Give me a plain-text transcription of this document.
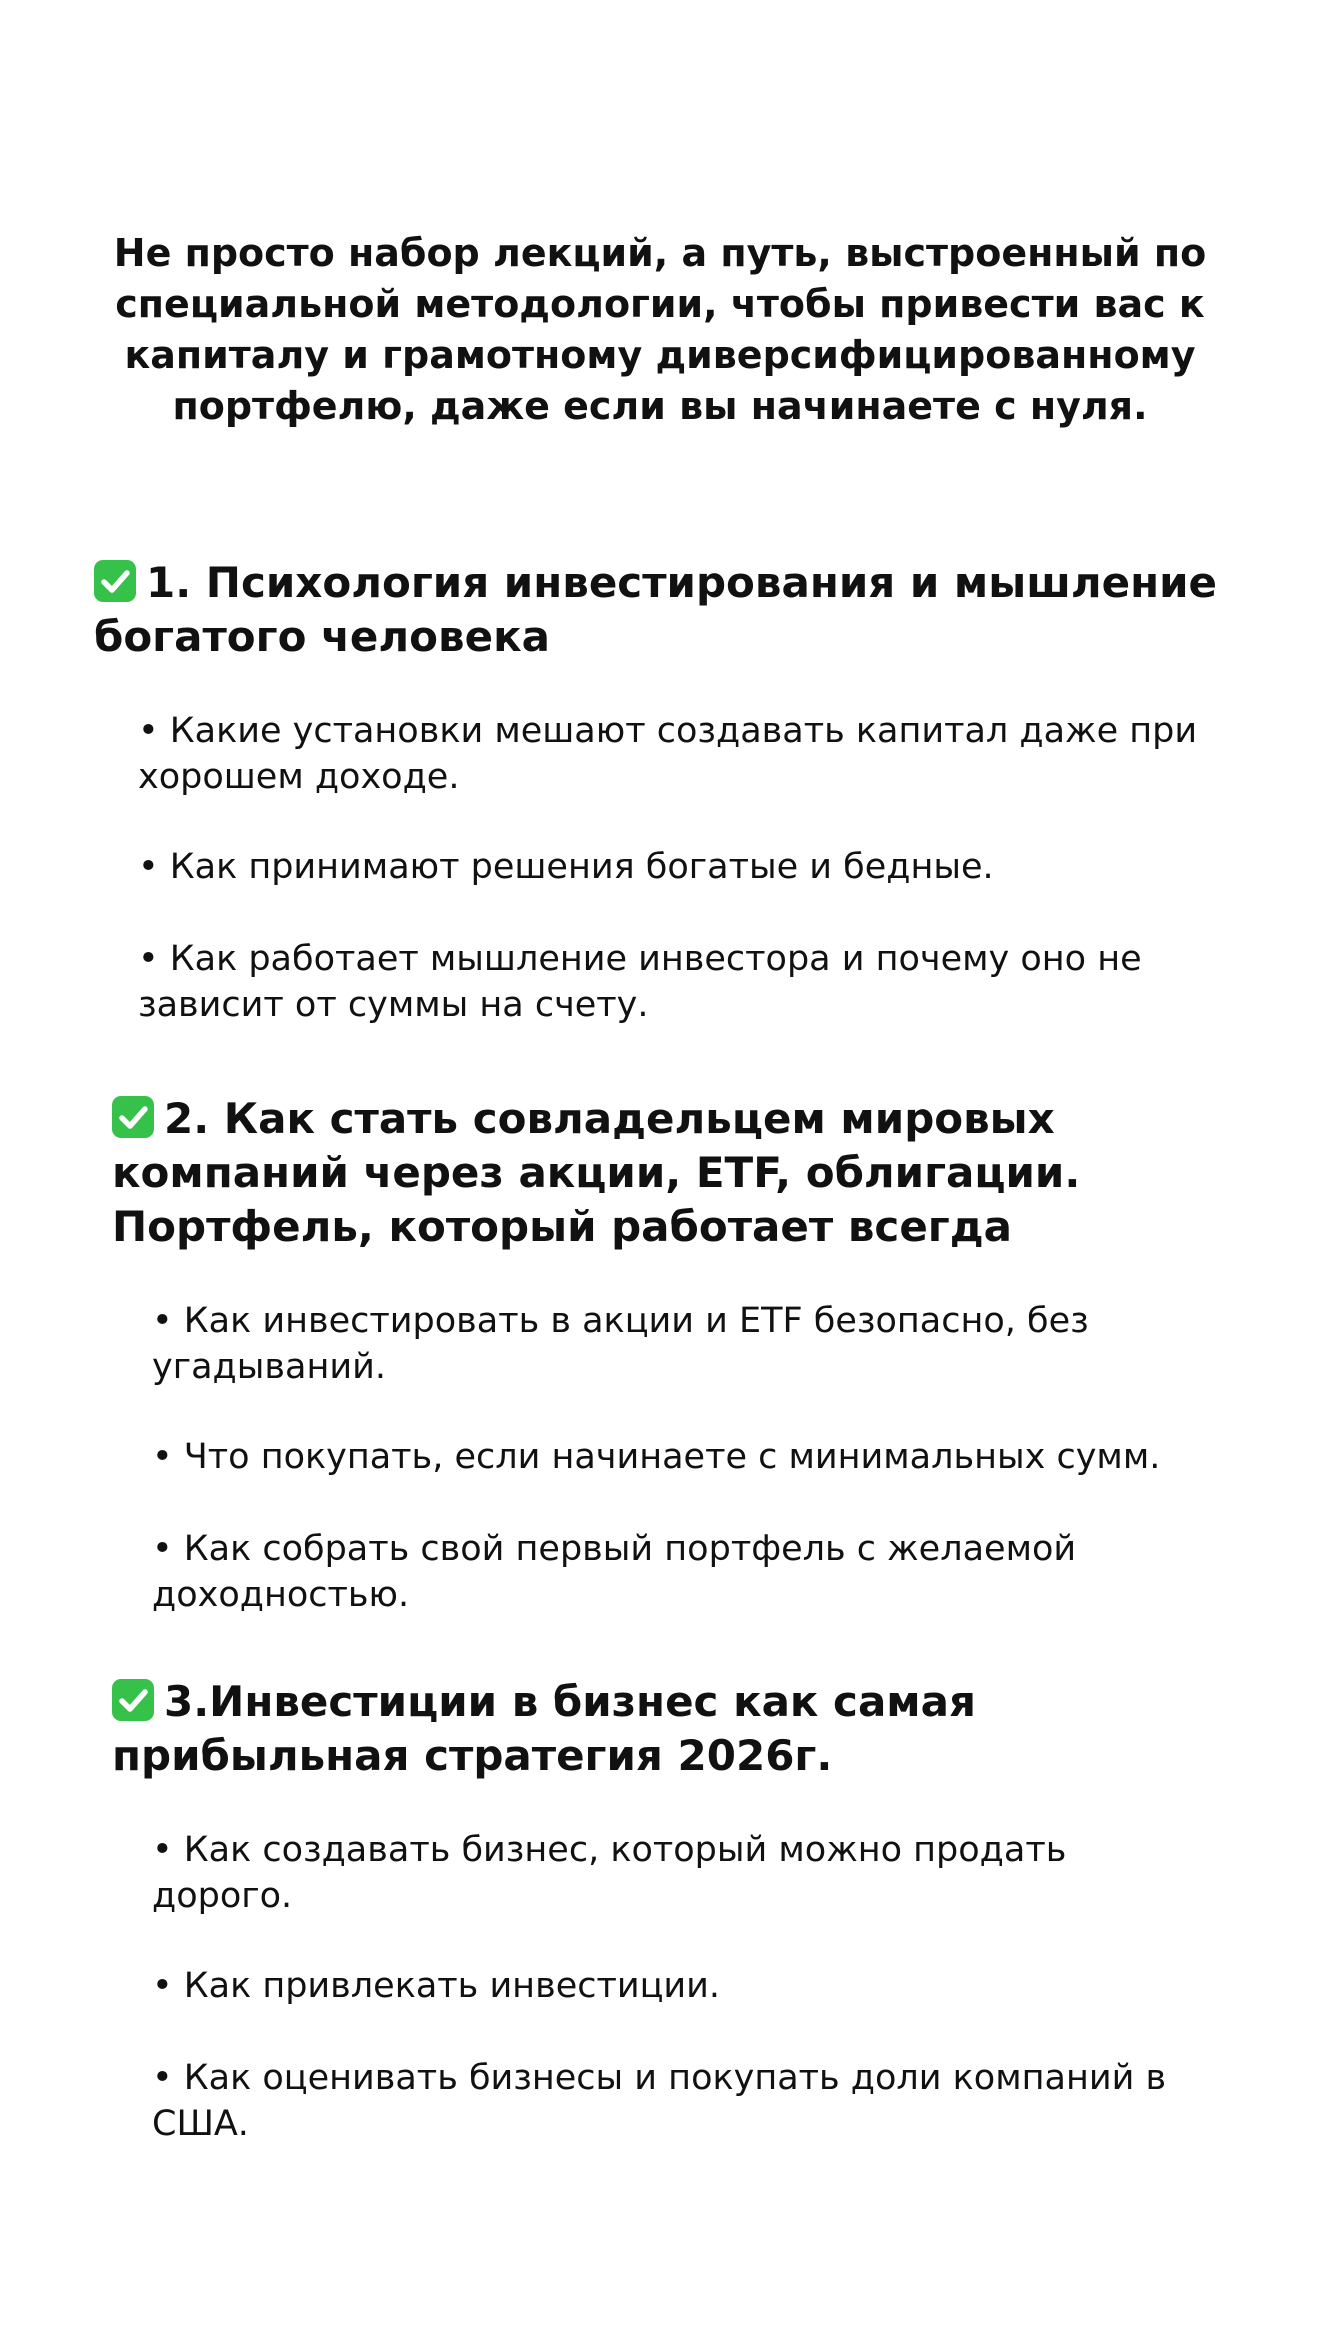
Не просто набор лекций, а путь, выстроенный по специальной методологии, чтобы привести вас к капиталу и грамотному диверсифицированному портфелю, даже если вы начинаете с нуля.

1. Психология инвестирования и мышление богатого человека

• Какие установки мешают создавать капитал даже при хорошем доходе.
• Как принимают решения богатые и бедные.
• Как работает мышление инвестора и почему оно не зависит от суммы на счету.

2. Как стать совладельцем мировых компаний через акции, ETF, облигации. Портфель, который работает всегда

• Как инвестировать в акции и ETF безопасно, без угадываний.
• Что покупать, если начинаете с минимальных сумм.
• Как собрать свой первый портфель с желаемой доходностью.

3.Инвестиции в бизнес как самая прибыльная стратегия 2026г.

• Как создавать бизнес, который можно продать дорого.
• Как привлекать инвестиции.
• Как оценивать бизнесы и покупать доли компаний в США.
